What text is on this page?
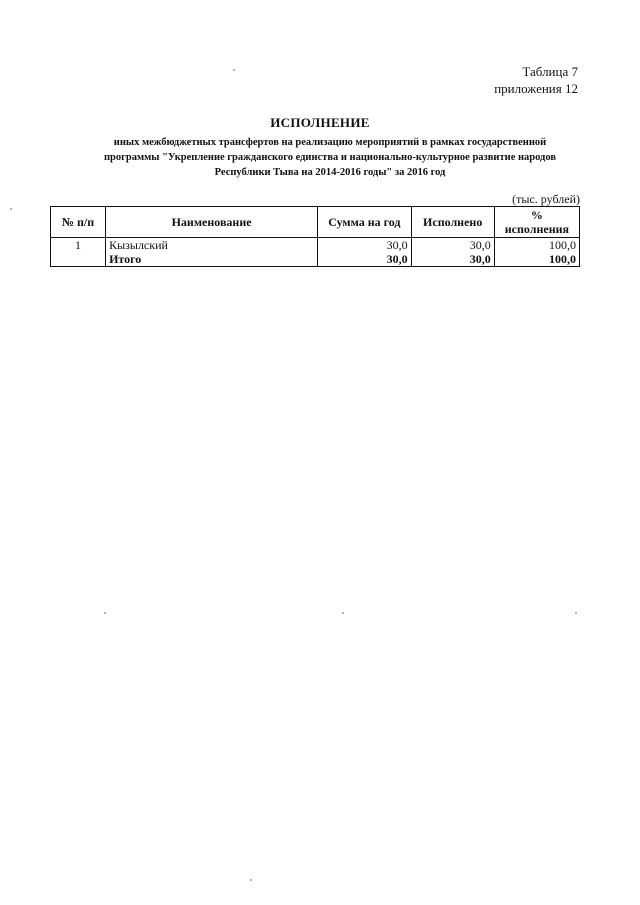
Таблица 7
приложения 12
ИСПОЛНЕНИЕ
иных межбюджетных трансфертов на реализацию мероприятий в рамках государственной
программы "Укрепление гражданского единства и национально-культурное развитие народов
Республики Тыва на 2014-2016 годы" за 2016 год
(тыс. рублей)
№ п/п	Наименование	Сумма на год	Исполнено	%
исполнения

1	Кызылский	30,0	30,0	100,0
	Итого	30,0	30,0	100,0
